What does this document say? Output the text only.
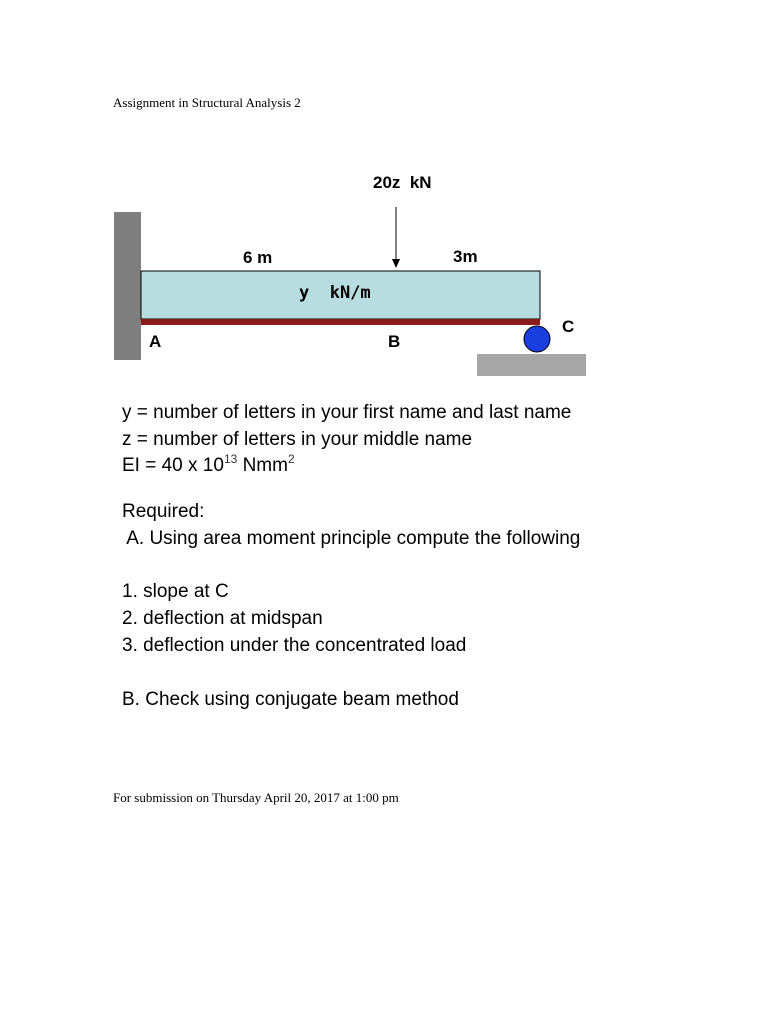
Assignment in Structural Analysis 2
20z  kN
6 m	3m
y  kN/m
A	B
C
y = number of letters in your first name and last name
z = number of letters in your middle name
EI = 40 x $10^{13}$ Nmm$^2$
Required:
A. Using area moment principle compute the following
1. slope at C
2. deflection at midspan
3. deflection under the concentrated load
B. Check using conjugate beam method
For submission on Thursday April 20, 2017 at 1:00 pm
